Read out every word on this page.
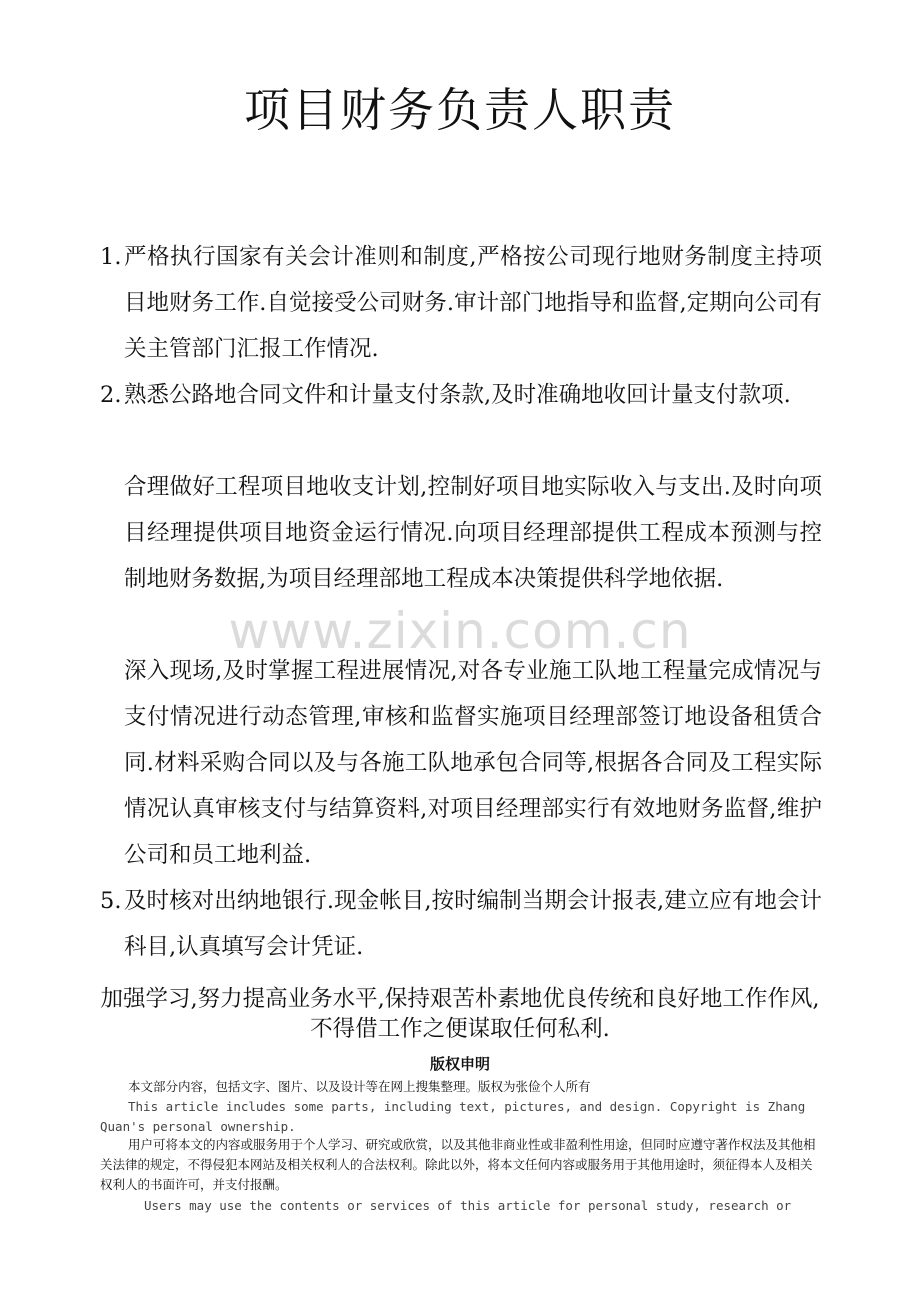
项目财务负责人职责
1. 严格执行国家有关会计准则和制度,严格按公司现行地财务制度主持项目地财务工作.自觉接受公司财务.审计部门地指导和监督,定期向公司有关主管部门汇报工作情况.
2. 熟悉公路地合同文件和计量支付条款,及时准确地收回计量支付款项.
合理做好工程项目地收支计划,控制好项目地实际收入与支出.及时向项目经理提供项目地资金运行情况.向项目经理部提供工程成本预测与控制地财务数据,为项目经理部地工程成本决策提供科学地依据.
www.zixin.com.cn
深入现场,及时掌握工程进展情况,对各专业施工队地工程量完成情况与支付情况进行动态管理,审核和监督实施项目经理部签订地设备租赁合同.材料采购合同以及与各施工队地承包合同等,根据各合同及工程实际情况认真审核支付与结算资料,对项目经理部实行有效地财务监督,维护公司和员工地利益.
5. 及时核对出纳地银行.现金帐目,按时编制当期会计报表,建立应有地会计科目,认真填写会计凭证.
加强学习,努力提高业务水平,保持艰苦朴素地优良传统和良好地工作作风,不得借工作之便谋取任何私利.
版权申明
本文部分内容，包括文字、图片、以及设计等在网上搜集整理。版权为张俭个人所有
This article includes some parts, including text, pictures, and design. Copyright is Zhang Quan's personal ownership.
用户可将本文的内容或服务用于个人学习、研究或欣赏，以及其他非商业性或非盈利性用途，但同时应遵守著作权法及其他相关法律的规定，不得侵犯本网站及相关权利人的合法权利。除此以外，将本文任何内容或服务用于其他用途时，须征得本人及相关权利人的书面许可，并支付报酬。
Users may use the contents or services of this article for personal study, research or
